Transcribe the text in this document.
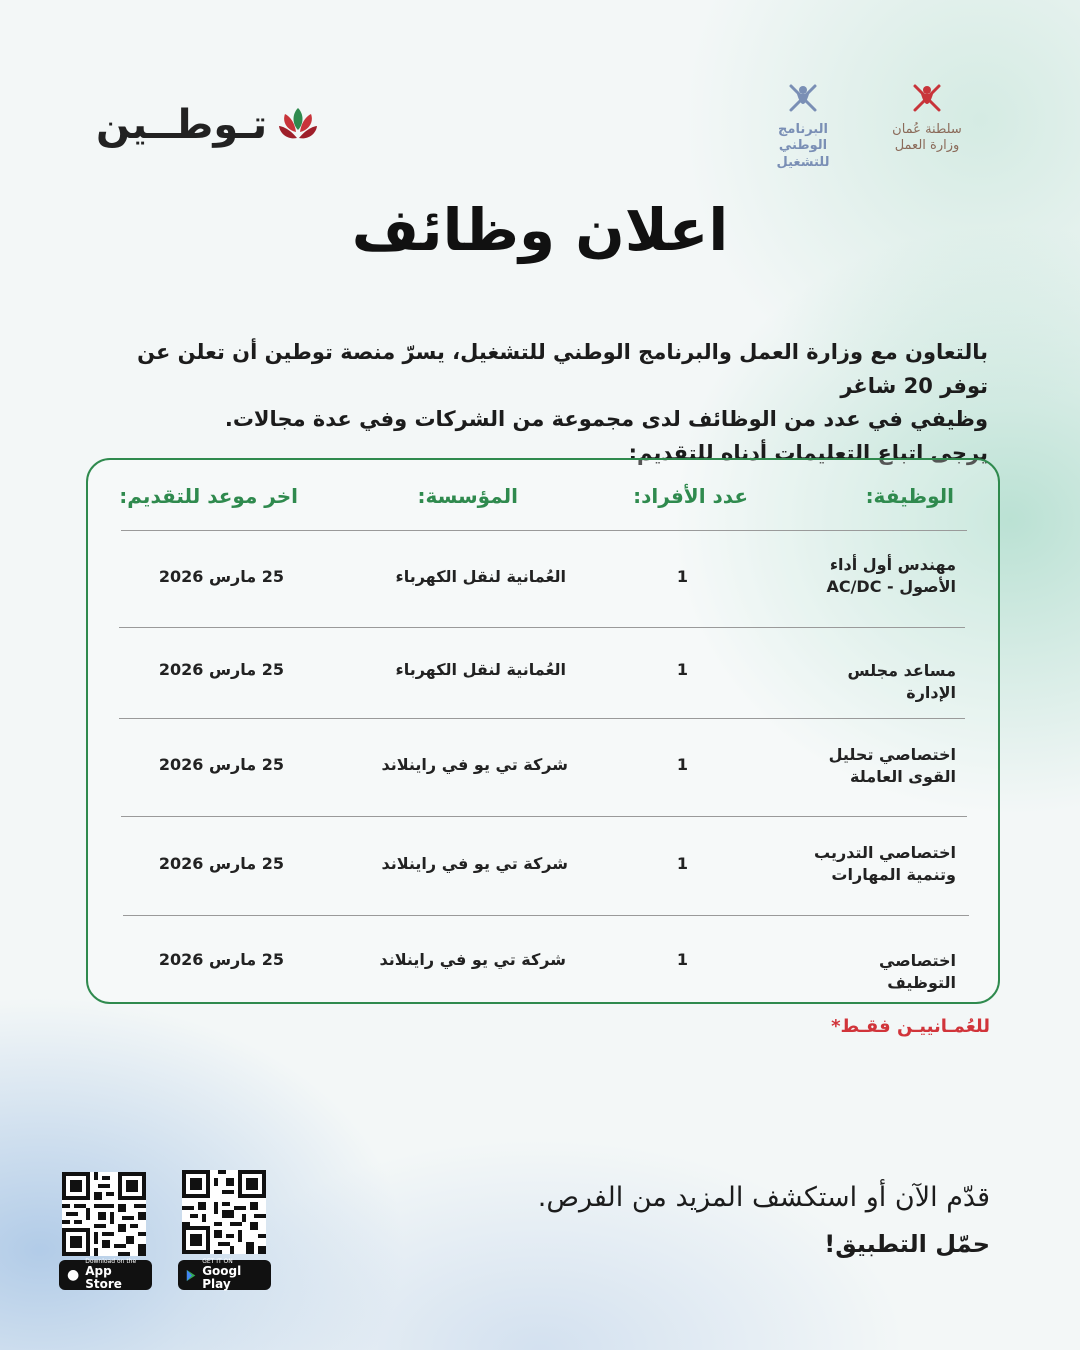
تـوطــين	البرنامج الوطني
للتشغيل
سلطنة عُمان
وزارة العمل
اعلان وظائف

بالتعاون مع وزارة العمل والبرنامج الوطني للتشغيل، يسرّ منصة توطين أن تعلن عن توفر 20 شاغر

وظيفي في عدد من الوظائف لدى مجموعة من الشركات وفي عدة مجالات.

يرجى اتباع التعليمات أدناه للتقديم:

الوظيفة:
عدد الأفراد:
المؤسسة:
اخر موعد للتقديم:
مهندس أول أداء الأصول - AC/DC
1
العُمانية لنقل الكهرباء
25 مارس 2026
مساعد مجلس الإدارة
1
العُمانية لنقل الكهرباء
25 مارس 2026
اختصاصي تحليل القوى العاملة
1
شركة تي يو في راينلاند
25 مارس 2026
اختصاصي التدريب وتنمية المهارات
1
شركة تي يو في راينلاند
25 مارس 2026
اختصاصي التوظيف
1
شركة تي يو في راينلاند
25 مارس 2026
للعُمـانييـن فقـط*
قدّم الآن أو استكشف المزيد من الفرص.
حمّل التطبيق!
●
Download on the
App Store
GET IT ON
Googl Play
